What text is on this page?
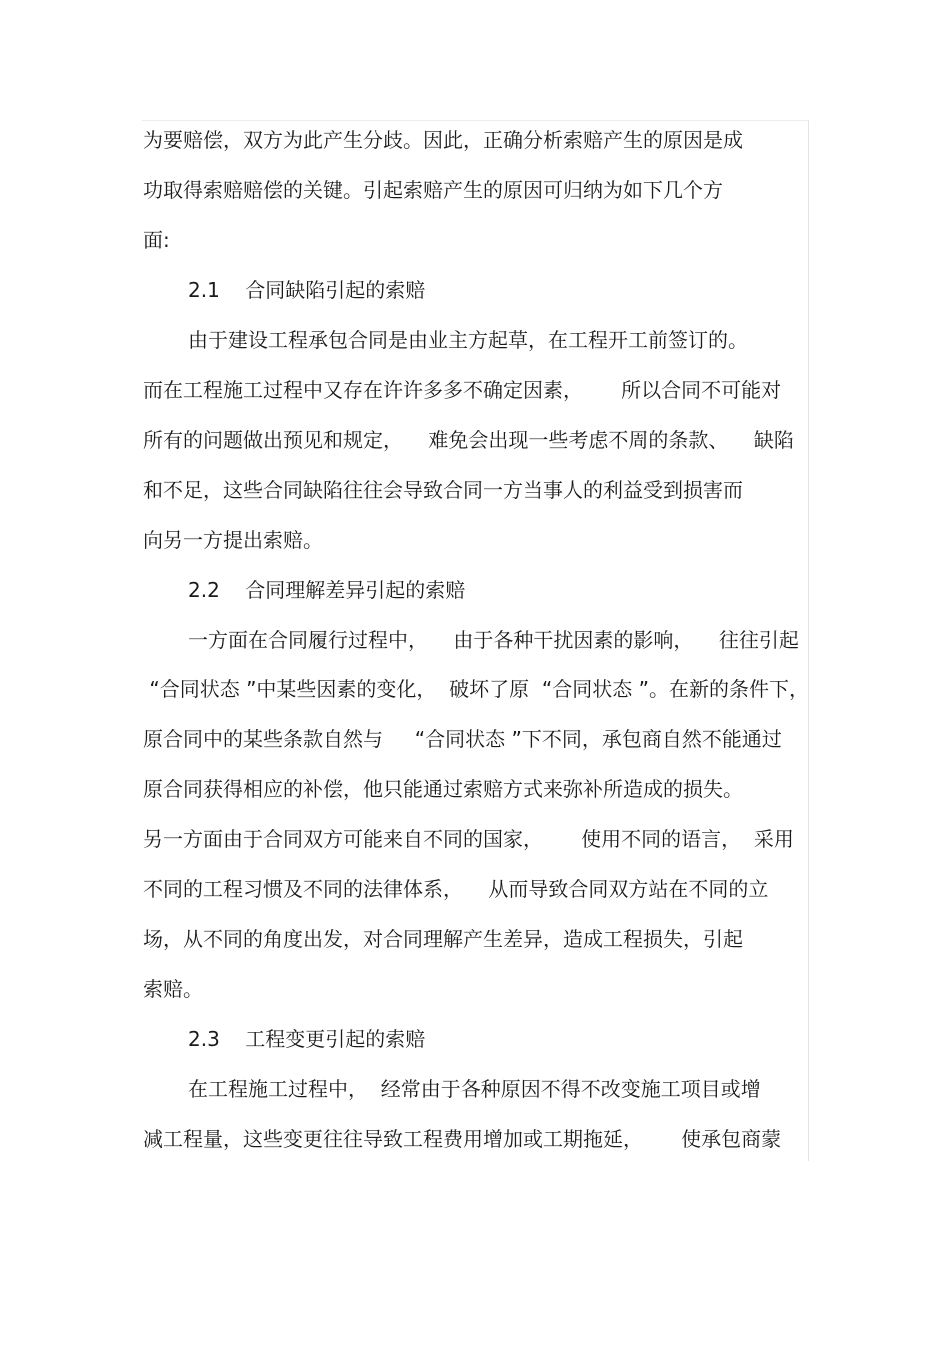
为要赔偿，双方为此产生分歧。因此，正确分析索赔产生的原因是成
功取得索赔赔偿的关键。引起索赔产生的原因可归纳为如下几个方
面:
2.1    合同缺陷引起的索赔
由于建设工程承包合同是由业主方起草，在工程开工前签订的。
而在工程施工过程中又存在许许多多不确定因素，      所以合同不可能对
所有的问题做出预见和规定，    难免会出现一些考虑不周的条款、    缺陷
和不足，这些合同缺陷往往会导致合同一方当事人的利益受到损害而
向另一方提出索赔。
2.2    合同理解差异引起的索赔
一方面在合同履行过程中，    由于各种干扰因素的影响，    往往引起
“合同状态 ”中某些因素的变化，  破坏了原  “合同状态 ”。在新的条件下，
原合同中的某些条款自然与     “合同状态 ”下不同，承包商自然不能通过
原合同获得相应的补偿，他只能通过索赔方式来弥补所造成的损失。
另一方面由于合同双方可能来自不同的国家，      使用不同的语言，  采用
不同的工程习惯及不同的法律体系，    从而导致合同双方站在不同的立
场，从不同的角度出发，对合同理解产生差异，造成工程损失，引起
索赔。
2.3    工程变更引起的索赔
在工程施工过程中，  经常由于各种原因不得不改变施工项目或增
减工程量，这些变更往往导致工程费用增加或工期拖延，      使承包商蒙
